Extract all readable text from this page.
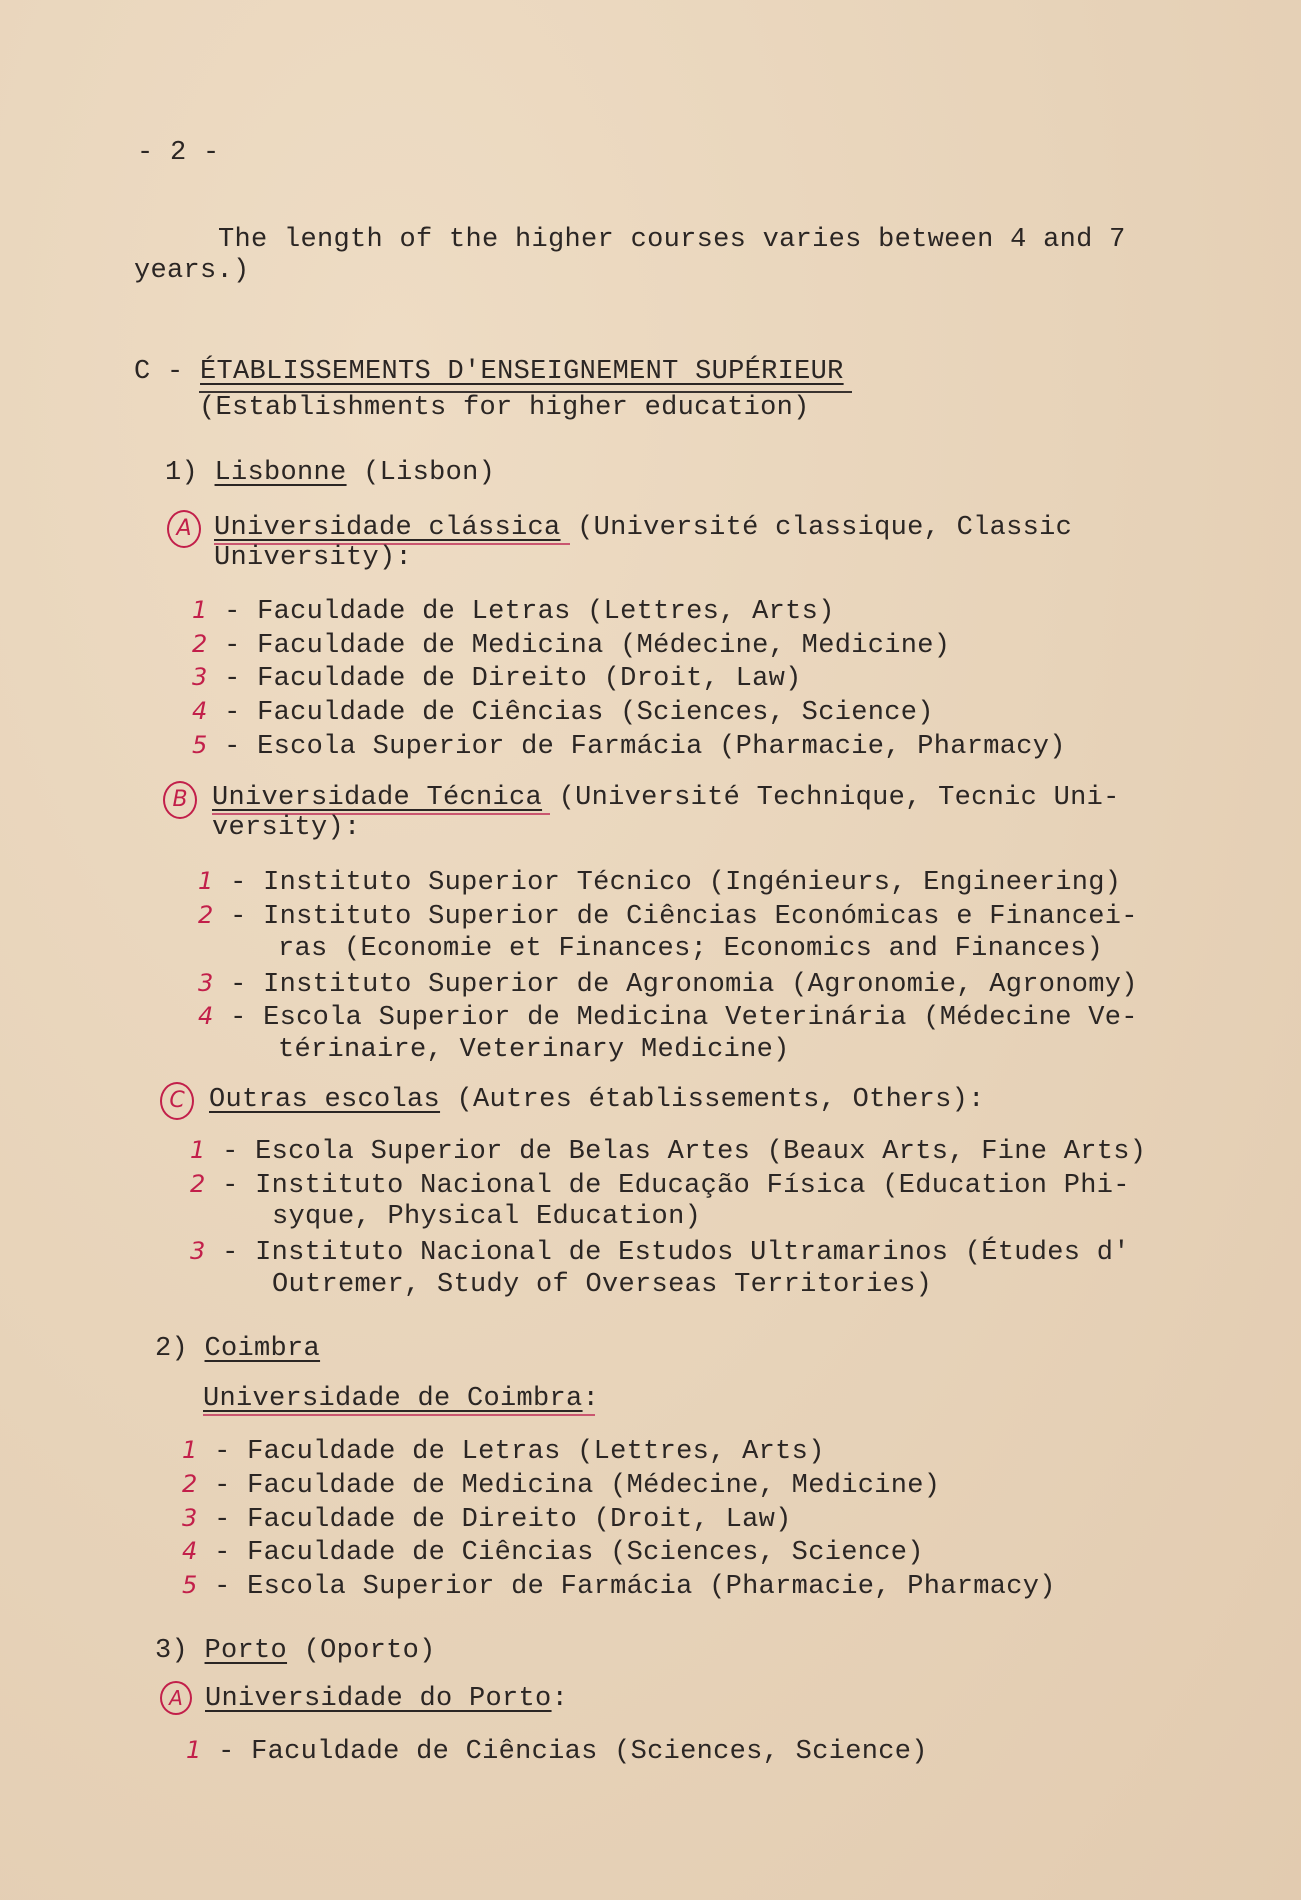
- 2 -
The length of the higher courses varies between 4 and 7
years.)
C - ÉTABLISSEMENTS D'ENSEIGNEMENT SUPÉRIEUR
(Establishments for higher education)
1) Lisbonne (Lisbon)
A Universidade clássica (Université classique, Classic
University):
1 - Faculdade de Letras (Lettres, Arts)
2 - Faculdade de Medicina (Médecine, Medicine)
3 - Faculdade de Direito (Droit, Law)
4 - Faculdade de Ciências (Sciences, Science)
5 - Escola Superior de Farmácia (Pharmacie, Pharmacy)
B Universidade Técnica (Université Technique, Tecnic Uni-
versity):
1 - Instituto Superior Técnico (Ingénieurs, Engineering)
2 - Instituto Superior de Ciências Económicas e Financei-
ras (Economie et Finances; Economics and Finances)
3 - Instituto Superior de Agronomia (Agronomie, Agronomy)
4 - Escola Superior de Medicina Veterinária (Médecine Ve-
térinaire, Veterinary Medicine)
C Outras escolas (Autres établissements, Others):
1 - Escola Superior de Belas Artes (Beaux Arts, Fine Arts)
2 - Instituto Nacional de Educação Física (Education Phi-
syque, Physical Education)
3 - Instituto Nacional de Estudos Ultramarinos (Études d'
Outremer, Study of Overseas Territories)
2) Coimbra
Universidade de Coimbra:
1 - Faculdade de Letras (Lettres, Arts)
2 - Faculdade de Medicina (Médecine, Medicine)
3 - Faculdade de Direito (Droit, Law)
4 - Faculdade de Ciências (Sciences, Science)
5 - Escola Superior de Farmácia (Pharmacie, Pharmacy)
3) Porto (Oporto)
A Universidade do Porto:
1 - Faculdade de Ciências (Sciences, Science)
